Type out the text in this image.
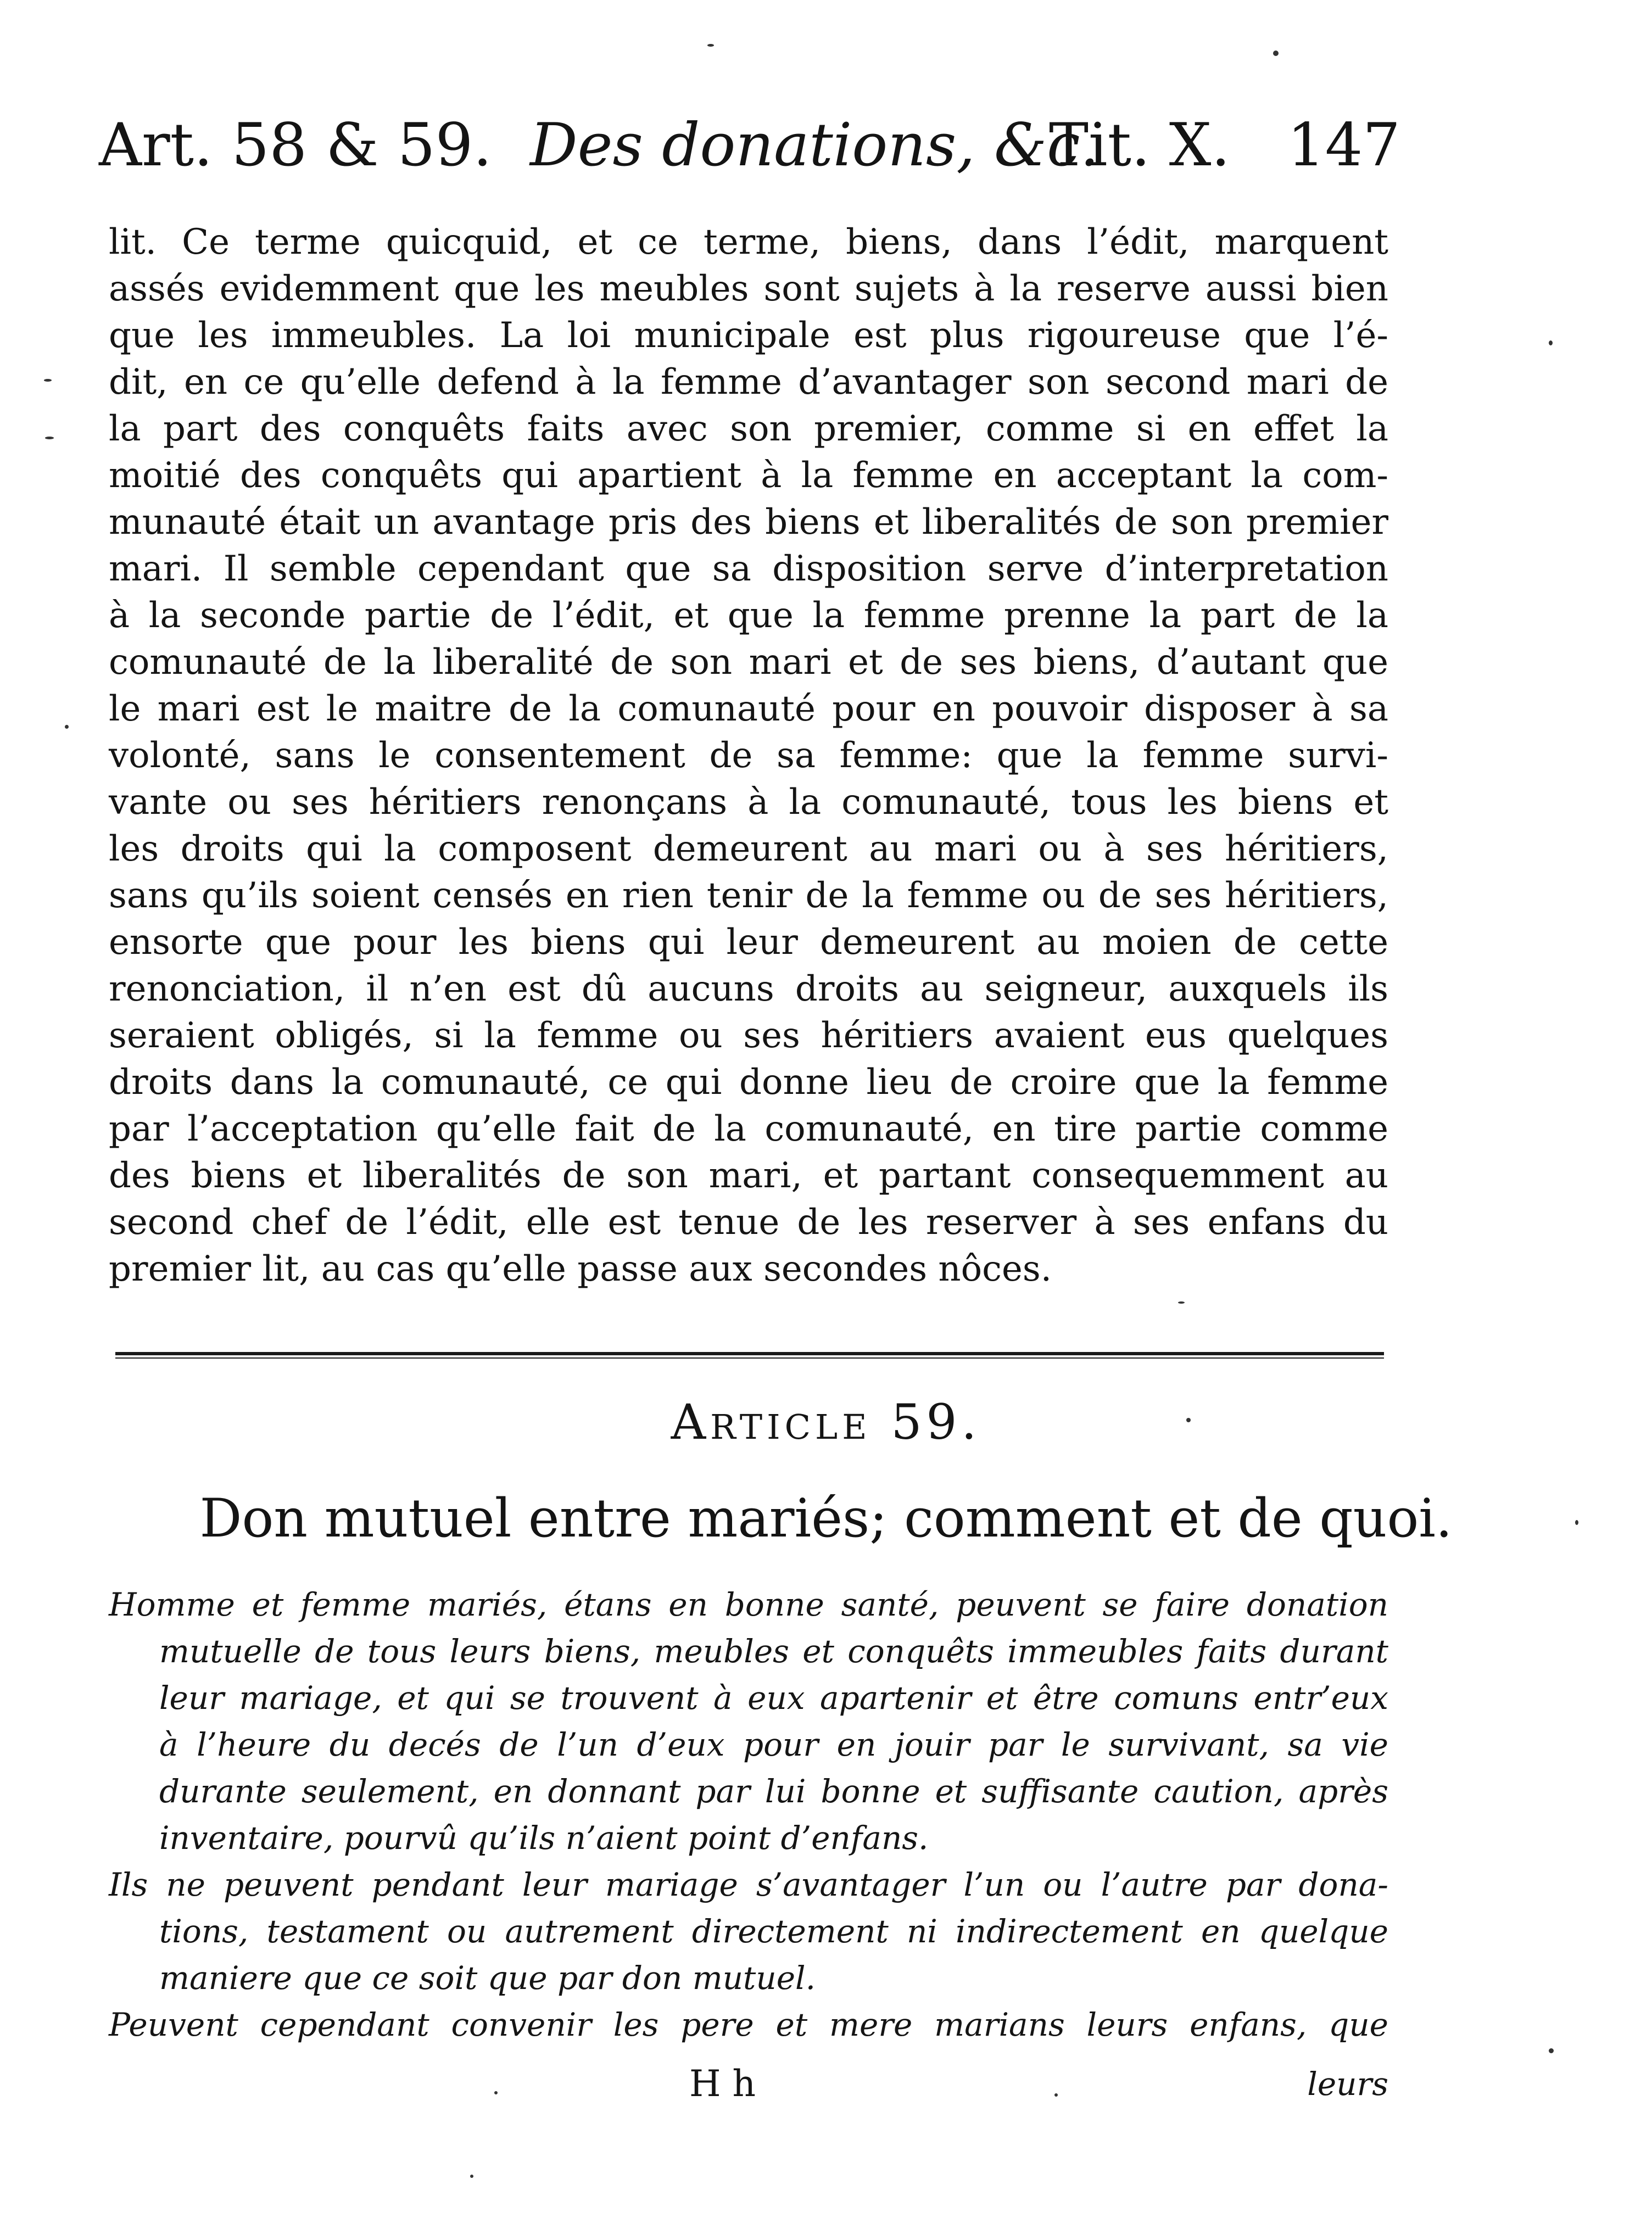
Art. 58 & 59. Des donations, &c.
Tit. X. 147
lit. Ce terme quicquid, et ce terme, biens, dans l’édit, marquent
assés evidemment que les meubles sont sujets à la reserve aussi bien
que les immeubles. La loi municipale est plus rigoureuse que l’é-
dit, en ce qu’elle defend à la femme d’avantager son second mari de
la part des conquêts faits avec son premier, comme si en effet la
moitié des conquêts qui apartient à la femme en acceptant la com-
munauté était un avantage pris des biens et liberalités de son premier
mari. Il semble cependant que sa disposition serve d’interpretation
à la seconde partie de l’édit, et que la femme prenne la part de la
comunauté de la liberalité de son mari et de ses biens, d’autant que
le mari est le maitre de la comunauté pour en pouvoir disposer à sa
volonté, sans le consentement de sa femme: que la femme survi-
vante ou ses héritiers renonçans à la comunauté, tous les biens et
les droits qui la composent demeurent au mari ou à ses héritiers,
sans qu’ils soient censés en rien tenir de la femme ou de ses héritiers,
ensorte que pour les biens qui leur demeurent au moien de cette
renonciation, il n’en est dû aucuns droits au seigneur, auxquels ils
seraient obligés, si la femme ou ses héritiers avaient eus quelques
droits dans la comunauté, ce qui donne lieu de croire que la femme
par l’acceptation qu’elle fait de la comunauté, en tire partie comme
des biens et liberalités de son mari, et partant consequemment au
second chef de l’édit, elle est tenue de les reserver à ses enfans du
premier lit, au cas qu’elle passe aux secondes nôces.
Article 59.
Don mutuel entre mariés; comment et de quoi.
Homme et femme mariés, étans en bonne santé, peuvent se faire donation
mutuelle de tous leurs biens, meubles et conquêts immeubles faits durant
leur mariage, et qui se trouvent à eux apartenir et être comuns entr’eux
à l’heure du decés de l’un d’eux pour en jouir par le survivant, sa vie
durante seulement, en donnant par lui bonne et suffisante caution, après
inventaire, pourvû qu’ils n’aient point d’enfans.
Ils ne peuvent pendant leur mariage s’avantager l’un ou l’autre par dona-
tions, testament ou autrement directement ni indirectement en quelque
maniere que ce soit que par don mutuel.
Peuvent cependant convenir les pere et mere marians leurs enfans, que
H h	leurs
